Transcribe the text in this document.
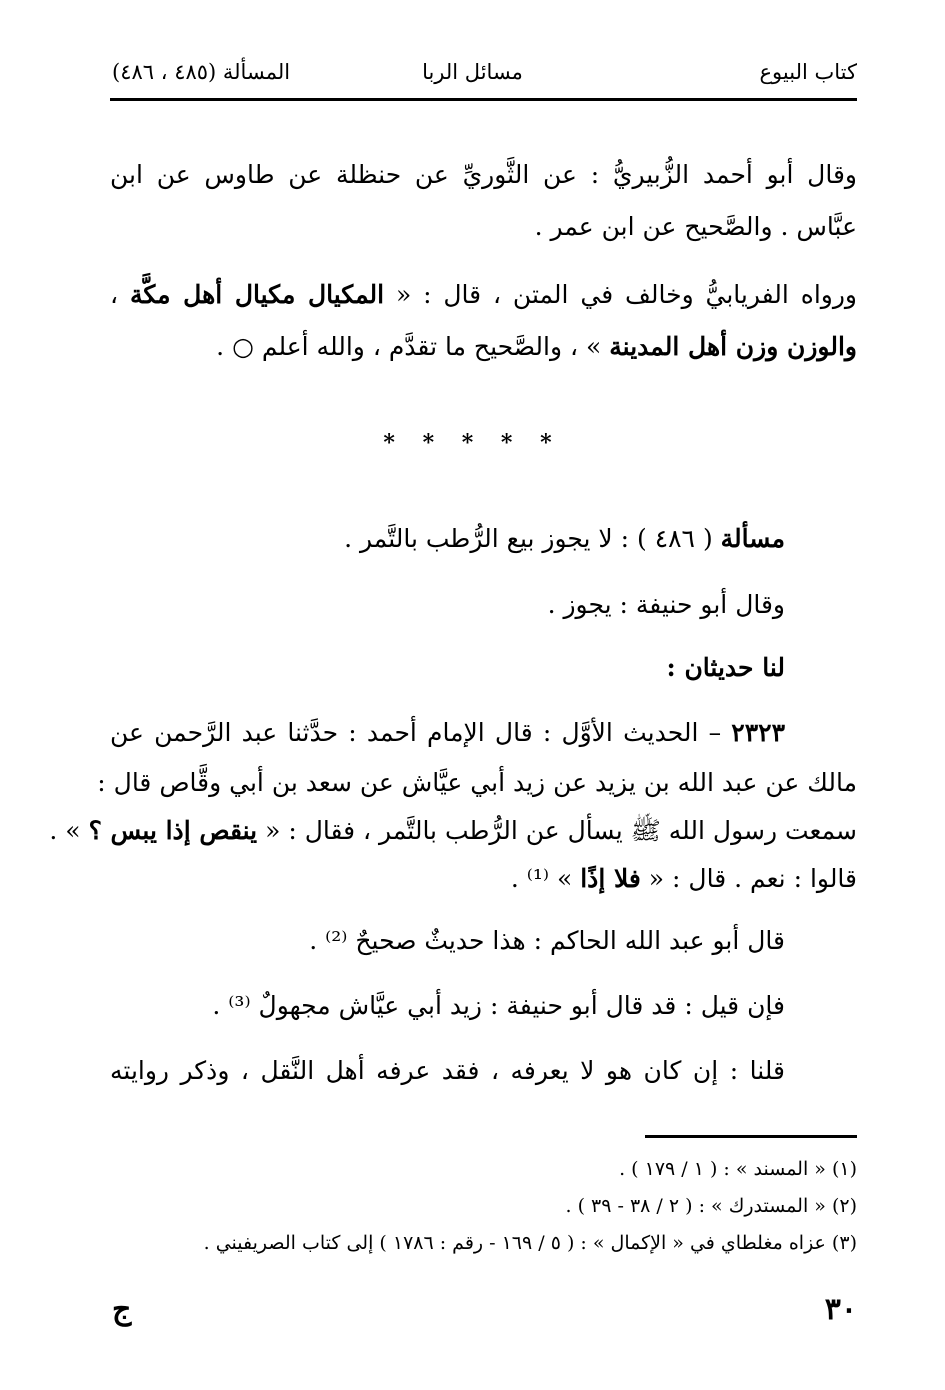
كتاب البيوع
مسائل الربا
المسألة (٤٨٥ ، ٤٨٦)
وقال أبو أحمد الزُّبيريُّ : عن الثَّوريِّ عن حنظلة عن طاوس عن ابن
عبَّاس . والصَّحيح عن ابن عمر .
ورواه الفريابيُّ وخالف في المتن ، قال : « المكيال مكيال أهل مكَّة ،
والوزن وزن أهل المدينة » ، والصَّحيح ما تقدَّم ، والله أعلم ○ .
* * * * *
مسألة ( ٤٨٦ ) : لا يجوز بيع الرُّطب بالتَّمر .
وقال أبو حنيفة : يجوز .
لنا حديثان :
٢٣٢٣ – الحديث الأوَّل : قال الإمام أحمد : حدَّثنا عبد الرَّحمن عن
مالك عن عبد الله بن يزيد عن زيد أبي عيَّاش عن سعد بن أبي وقَّاص قال :
سمعت رسول الله ﷺ يسأل عن الرُّطب بالتَّمر ، فقال : « ينقص إذا يبس ؟ » .
قالوا : نعم . قال : « فلا إذًا » ⁽¹⁾ .
قال أبو عبد الله الحاكم : هذا حديثٌ صحيحٌ ⁽²⁾ .
فإن قيل : قد قال أبو حنيفة : زيد أبي عيَّاش مجهولٌ ⁽³⁾ .
قلنا : إن كان هو لا يعرفه ، فقد عرفه أهل النَّقل ، وذكر روايته
(١) « المسند » : ( ١ / ١٧٩ ) .
(٢) « المستدرك » : ( ٢ / ٣٨ - ٣٩ ) .
(٣) عزاه مغلطاي في « الإكمال » : ( ٥ / ١٦٩ - رقم : ١٧٨٦ ) إلى كتاب الصريفيني .
٣٠
ج
